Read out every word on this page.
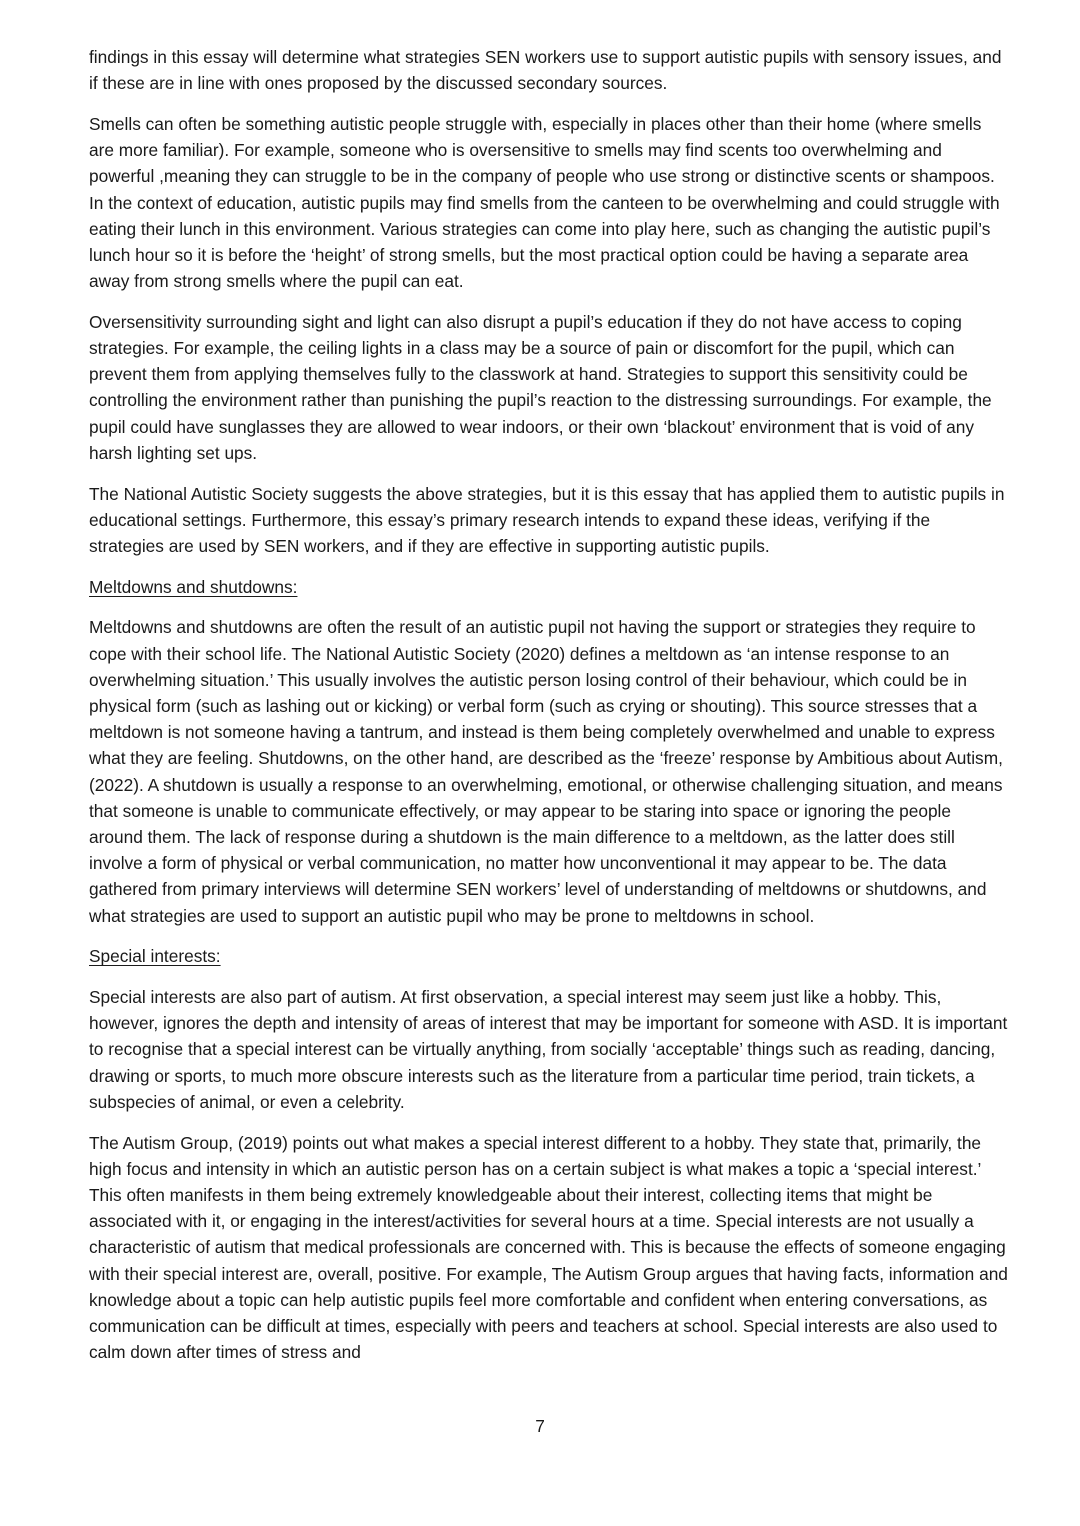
findings in this essay will determine what strategies SEN workers use to support autistic pupils with sensory issues, and if these are in line with ones proposed by the discussed secondary sources.

Smells can often be something autistic people struggle with, especially in places other than their home (where smells are more familiar). For example, someone who is oversensitive to smells may find scents too overwhelming and powerful ,meaning they can struggle to be in the company of people who use strong or distinctive scents or shampoos. In the context of education, autistic pupils may find smells from the canteen to be overwhelming and could struggle with eating their lunch in this environment. Various strategies can come into play here, such as changing the autistic pupil’s lunch hour so it is before the ‘height’ of strong smells, but the most practical option could be having a separate area away from strong smells where the pupil can eat.

Oversensitivity surrounding sight and light can also disrupt a pupil’s education if they do not have access to coping strategies. For example, the ceiling lights in a class may be a source of pain or discomfort for the pupil, which can prevent them from applying themselves fully to the classwork at hand. Strategies to support this sensitivity could be controlling the environment rather than punishing the pupil’s reaction to the distressing surroundings. For example, the pupil could have sunglasses they are allowed to wear indoors, or their own ‘blackout’ environment that is void of any harsh lighting set ups.

The National Autistic Society suggests the above strategies, but it is this essay that has applied them to autistic pupils in educational settings. Furthermore, this essay’s primary research intends to expand these ideas, verifying if the strategies are used by SEN workers, and if they are effective in supporting autistic pupils.

Meltdowns and shutdowns:

Meltdowns and shutdowns are often the result of an autistic pupil not having the support or strategies they require to cope with their school life. The National Autistic Society (2020) defines a meltdown as ‘an intense response to an overwhelming situation.’ This usually involves the autistic person losing control of their behaviour, which could be in physical form (such as lashing out or kicking) or verbal form (such as crying or shouting). This source stresses that a meltdown is not someone having a tantrum, and instead is them being completely overwhelmed and unable to express what they are feeling. Shutdowns, on the other hand, are described as the ‘freeze’ response by Ambitious about Autism, (2022). A shutdown is usually a response to an overwhelming, emotional, or otherwise challenging situation, and means that someone is unable to communicate effectively, or may appear to be staring into space or ignoring the people around them. The lack of response during a shutdown is the main difference to a meltdown, as the latter does still involve a form of physical or verbal communication, no matter how unconventional it may appear to be. The data gathered from primary interviews will determine SEN workers’ level of understanding of meltdowns or shutdowns, and what strategies are used to support an autistic pupil who may be prone to meltdowns in school.

Special interests:

Special interests are also part of autism. At first observation, a special interest may seem just like a hobby. This, however, ignores the depth and intensity of areas of interest that may be important for someone with ASD. It is important to recognise that a special interest can be virtually anything, from socially ‘acceptable’ things such as reading, dancing, drawing or sports, to much more obscure interests such as the literature from a particular time period, train tickets, a subspecies of animal, or even a celebrity.

The Autism Group, (2019) points out what makes a special interest different to a hobby. They state that, primarily, the high focus and intensity in which an autistic person has on a certain subject is what makes a topic a ‘special interest.’ This often manifests in them being extremely knowledgeable about their interest, collecting items that might be associated with it, or engaging in the interest/activities for several hours at a time. Special interests are not usually a characteristic of autism that medical professionals are concerned with. This is because the effects of someone engaging with their special interest are, overall, positive. For example, The Autism Group argues that having facts, information and knowledge about a topic can help autistic pupils feel more comfortable and confident when entering conversations, as communication can be difficult at times, especially with peers and teachers at school. Special interests are also used to calm down after times of stress and

7
